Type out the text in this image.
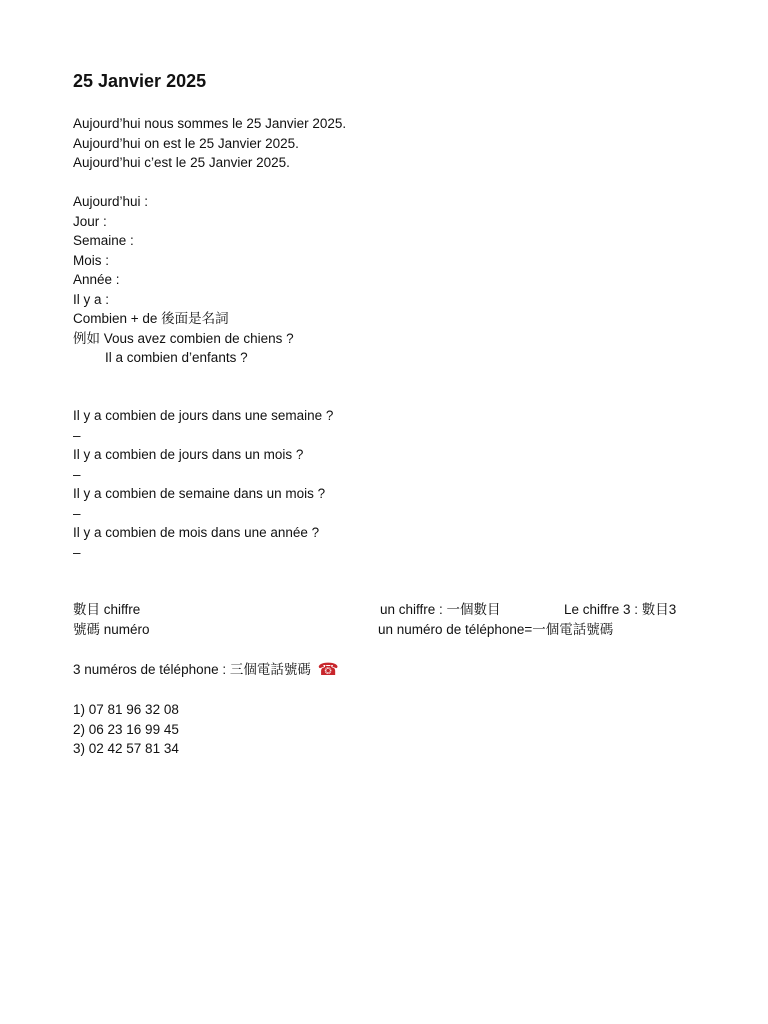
25 Janvier 2025
Aujourd’hui nous sommes le 25 Janvier 2025.
Aujourd’hui on est le 25 Janvier 2025.
Aujourd’hui c’est le 25 Janvier 2025.
Aujourd’hui :
Jour :
Semaine :
Mois :
Année :
Il y a :
Combien + de 後面是名詞
例如 Vous avez combien de chiens ?
Il a combien d’enfants ?
Il y a combien de jours dans une semaine ?
–
Il y a combien de jours dans un mois ?
–
Il y a combien de semaine dans un mois ?
–
Il y a combien de mois dans une année ?
–
數目 chiffre	un chiffre : 一個數目	Le chiffre 3 : 數目3
號碼 numéro	un numéro de téléphone=一個電話號碼
3 numéros de téléphone : 三個電話號碼 ☎
1) 07 81 96 32 08
2) 06 23 16 99 45
3) 02 42 57 81 34
